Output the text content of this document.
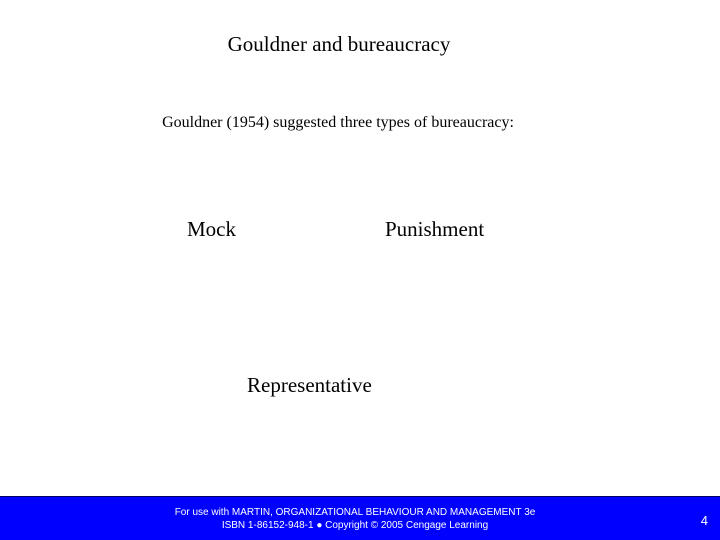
Gouldner and bureaucracy
Gouldner (1954) suggested three types of bureaucracy:
Mock	Punishment
Representative
For use with MARTIN, ORGANIZATIONAL BEHAVIOUR AND MANAGEMENT 3e
ISBN 1-86152-948-1 ● Copyright © 2005 Cengage Learning	4
